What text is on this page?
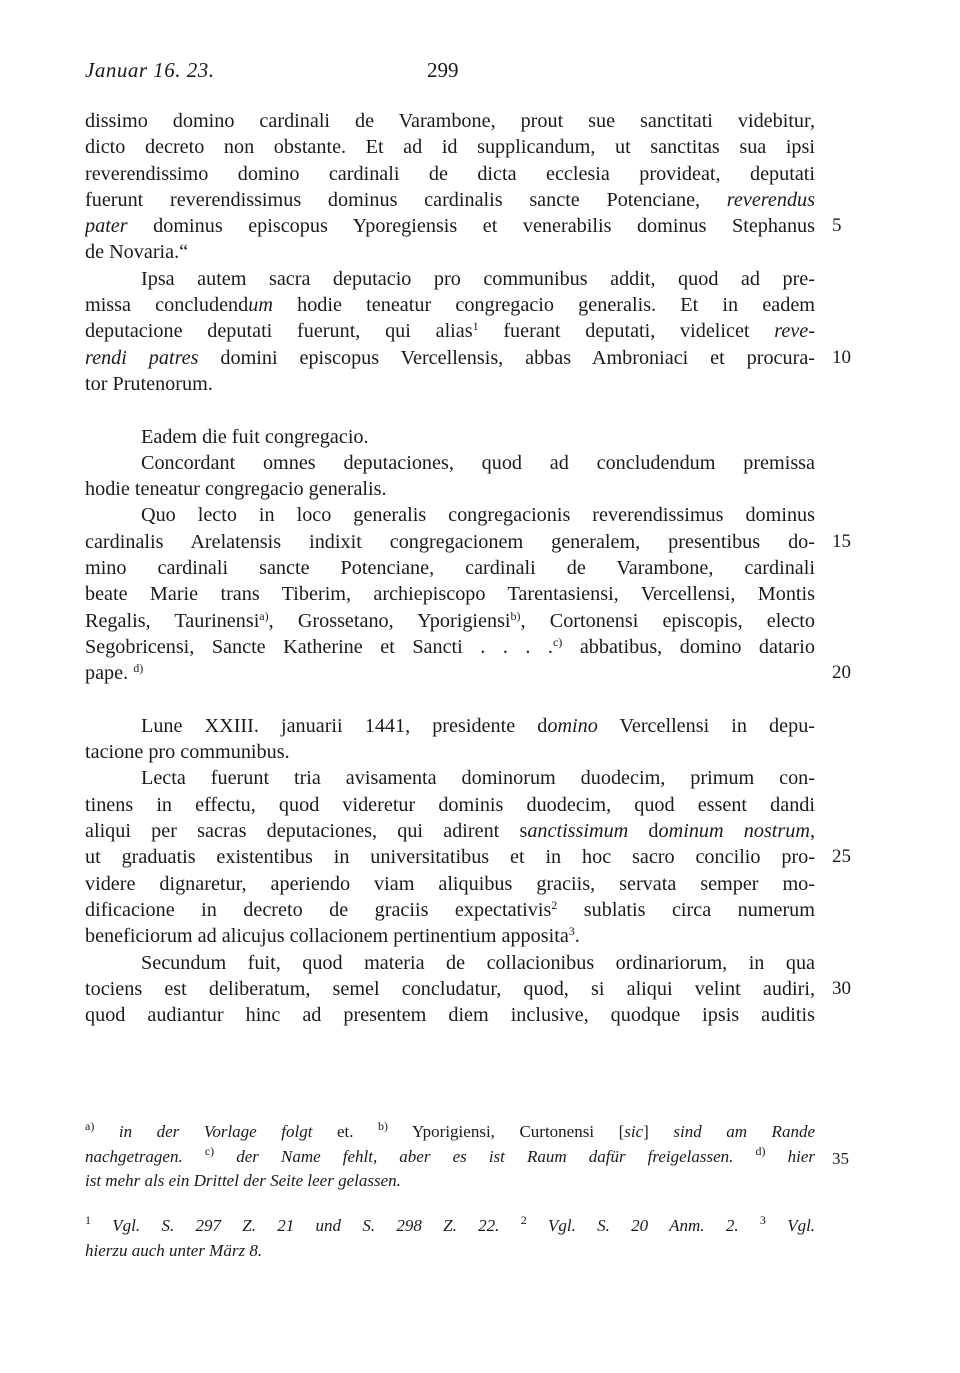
Januar 16. 23.	299
dissimo domino cardinali de Varambone, prout sue sanctitati videbitur,
dicto decreto non obstante. Et ad id supplicandum, ut sanctitas sua ipsi
reverendissimo domino cardinali de dicta ecclesia provideat, deputati
fuerunt reverendissimus dominus cardinalis sancte Potenciane, reverendus
pater dominus episcopus Yporegiensis et venerabilis dominus Stephanus
de Novaria.“
Ipsa autem sacra deputacio pro communibus addit, quod ad pre-
missa concludendum hodie teneatur congregacio generalis. Et in eadem
deputacione deputati fuerunt, qui alias$^1$ fuerant deputati, videlicet reve-
rendi patres domini episcopus Vercellensis, abbas Ambroniaci et procura-
tor Prutenorum.
Eadem die fuit congregacio.
Concordant omnes deputaciones, quod ad concludendum premissa
hodie teneatur congregacio generalis.
Quo lecto in loco generalis congregacionis reverendissimus dominus
cardinalis Arelatensis indixit congregacionem generalem, presentibus do-
mino cardinali sancte Potenciane, cardinali de Varambone, cardinali
beate Marie trans Tiberim, archiepiscopo Tarentasiensi, Vercellensi, Montis
Regalis, Taurinensi$^{a)}$, Grossetano, Yporigiensi$^{b)}$, Cortonensi episcopis, electo
Segobricensi, Sancte Katherine et Sancti . . . .$^{c)}$ abbatibus, domino datario
pape. $^{d)}$
Lune XXIII. januarii 1441, presidente domino Vercellensi in depu-
tacione pro communibus.
Lecta fuerunt tria avisamenta dominorum duodecim, primum con-
tinens in effectu, quod videretur dominis duodecim, quod essent dandi
aliqui per sacras deputaciones, qui adirent sanctissimum dominum nostrum,
ut graduatis existentibus in universitatibus et in hoc sacro concilio pro-
videre dignaretur, aperiendo viam aliquibus graciis, servata semper mo-
dificacione in decreto de graciis expectativis$^2$ sublatis circa numerum
beneficiorum ad alicujus collacionem pertinentium apposita$^3$.
Secundum fuit, quod materia de collacionibus ordinariorum, in qua
tociens est deliberatum, semel concludatur, quod, si aliqui velint audiri,
quod audiantur hinc ad presentem diem inclusive, quodque ipsis auditis
5
10
15
20
25
30
$^{a)}$ in der Vorlage folgt et. $^{b)}$ Yporigiensi, Curtonensi [sic] sind am Rande
nachgetragen. $^{c)}$ der Name fehlt, aber es ist Raum dafür freigelassen. $^{d)}$ hier
ist mehr als ein Drittel der Seite leer gelassen.
35
$^1$ Vgl. S. 297 Z. 21 und S. 298 Z. 22. $^2$ Vgl. S. 20 Anm. 2. $^3$ Vgl.
hierzu auch unter März 8.
